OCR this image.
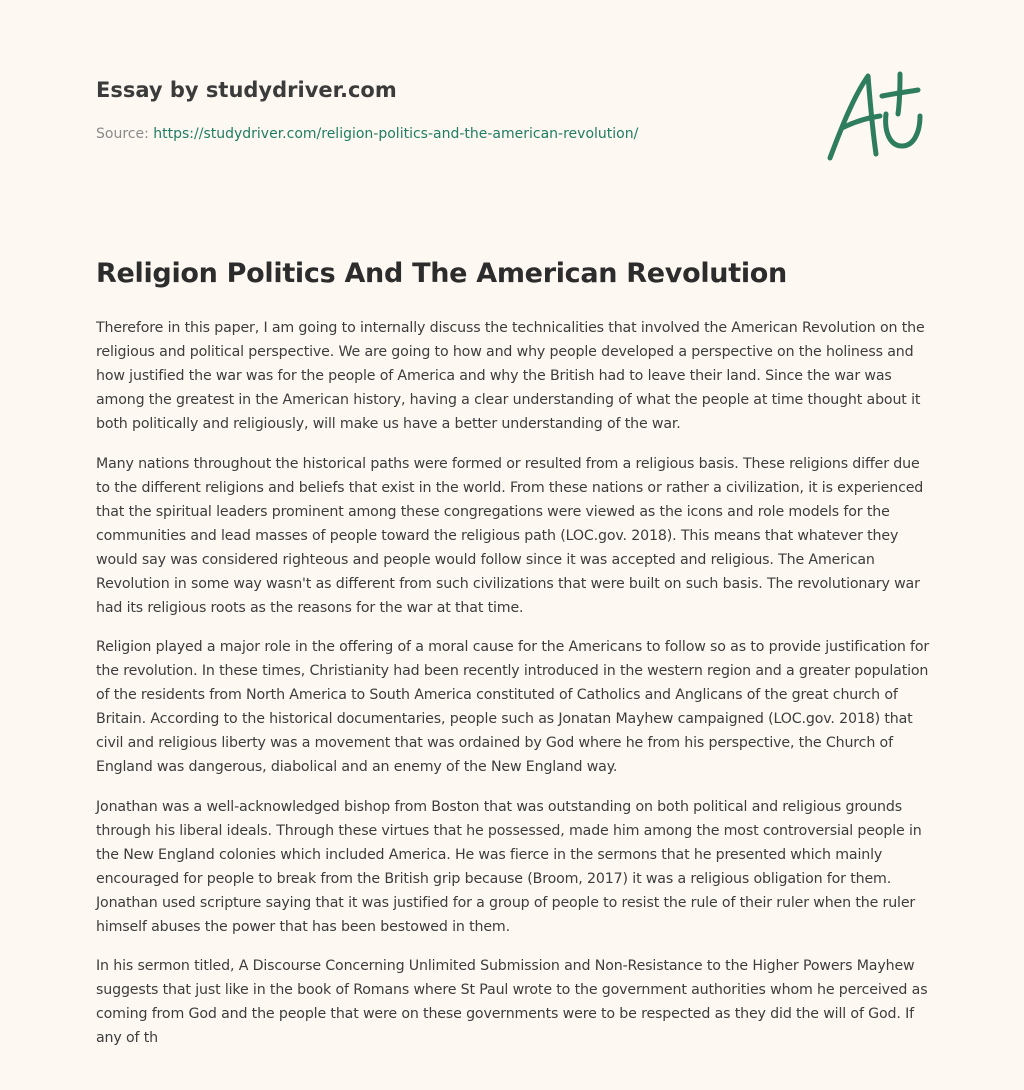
Essay by studydriver.com
Source: https://studydriver.com/religion-politics-and-the-american-revolution/
Religion Politics And The American Revolution

Therefore in this paper, I am going to internally discuss the technicalities that involved the American Revolution on the religious and political perspective. We are going to how and why people developed a perspective on the holiness and how justified the war was for the people of America and why the British had to leave their land. Since the war was among the greatest in the American history, having a clear understanding of what the people at time thought about it both politically and religiously, will make us have a better understanding of the war.

Many nations throughout the historical paths were formed or resulted from a religious basis. These religions differ due to the different religions and beliefs that exist in the world. From these nations or rather a civilization, it is experienced that the spiritual leaders prominent among these congregations were viewed as the icons and role models for the communities and lead masses of people toward the religious path (LOC.gov. 2018). This means that whatever they would say was considered righteous and people would follow since it was accepted and religious. The American Revolution in some way wasn't as different from such civilizations that were built on such basis. The revolutionary war had its religious roots as the reasons for the war at that time.

Religion played a major role in the offering of a moral cause for the Americans to follow so as to provide justification for the revolution. In these times, Christianity had been recently introduced in the western region and a greater population of the residents from North America to South America constituted of Catholics and Anglicans of the great church of Britain. According to the historical documentaries, people such as Jonatan Mayhew campaigned (LOC.gov. 2018) that civil and religious liberty was a movement that was ordained by God where he from his perspective, the Church of England was dangerous, diabolical and an enemy of the New England way.

Jonathan was a well-acknowledged bishop from Boston that was outstanding on both political and religious grounds through his liberal ideals. Through these virtues that he possessed, made him among the most controversial people in the New England colonies which included America. He was fierce in the sermons that he presented which mainly encouraged for people to break from the British grip because (Broom, 2017) it was a religious obligation for them. Jonathan used scripture saying that it was justified for a group of people to resist the rule of their ruler when the ruler himself abuses the power that has been bestowed in them.

In his sermon titled, A Discourse Concerning Unlimited Submission and Non-Resistance to the Higher Powers Mayhew suggests that just like in the book of Romans where St Paul wrote to the government authorities whom he perceived as coming from God and the people that were on these governments were to be respected as they did the will of God. If any of th
